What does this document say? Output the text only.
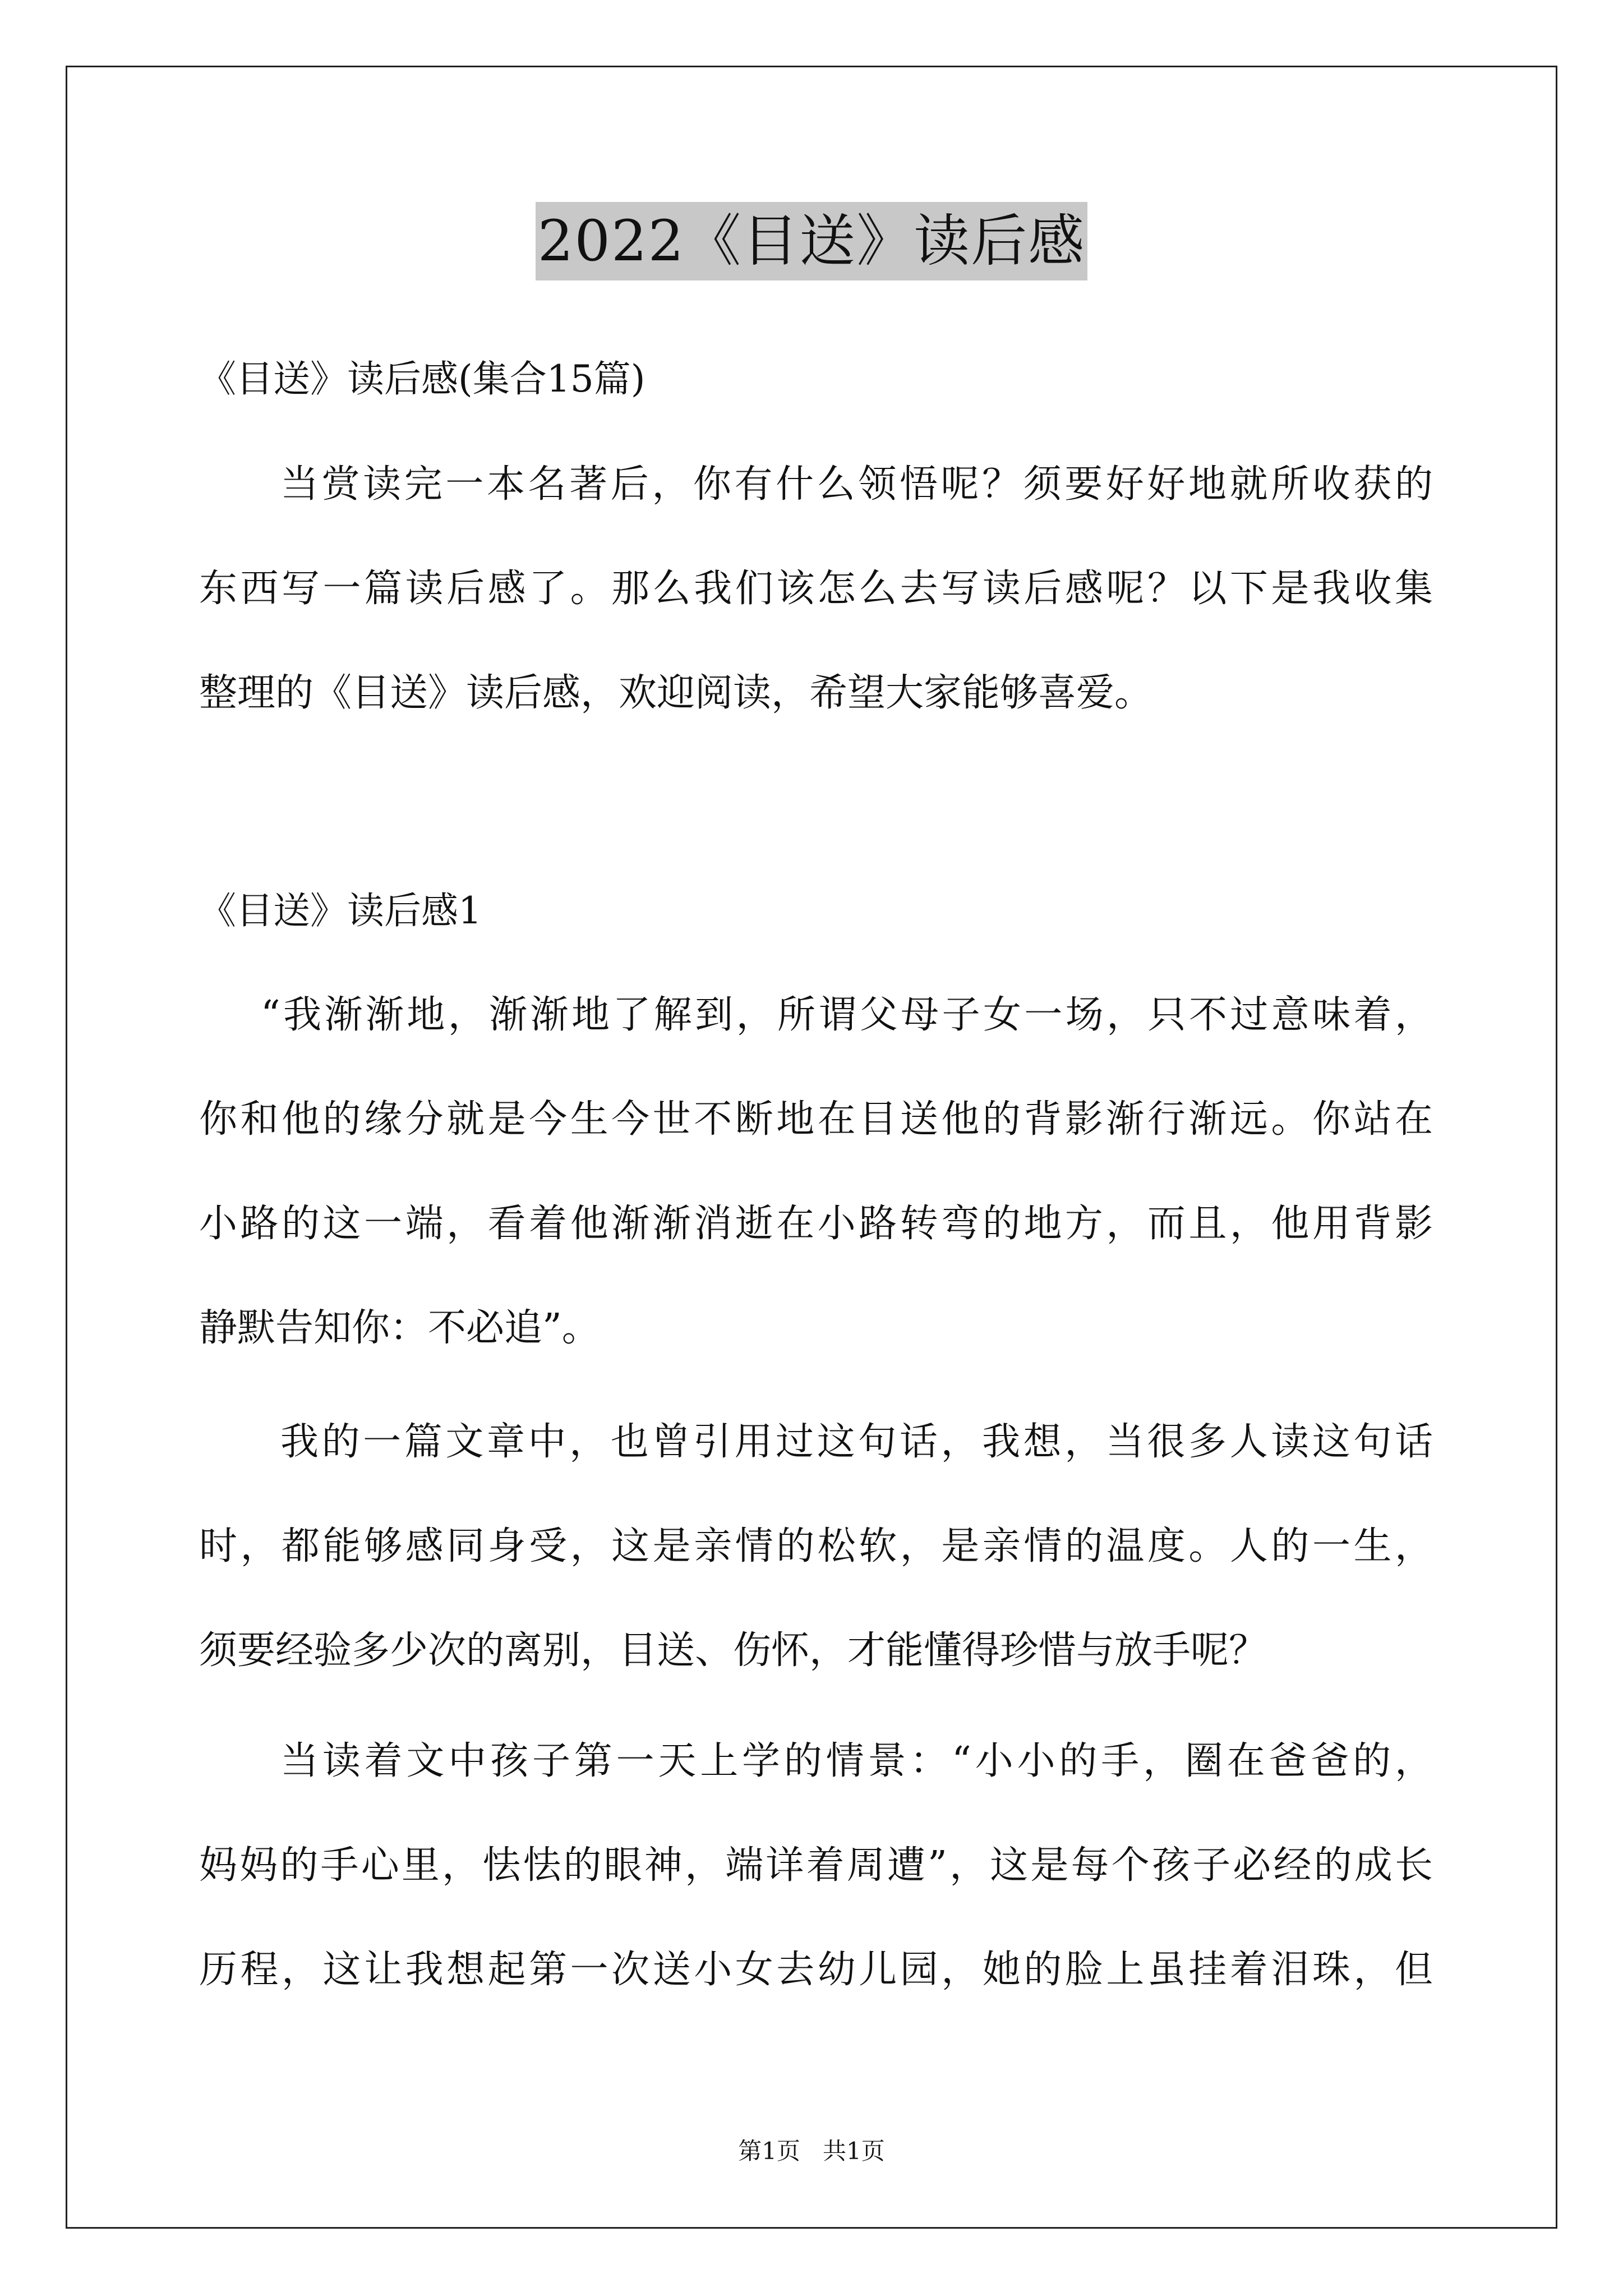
2022《目送》读后感
《目送》读后感(集合15篇)
当赏读完一本名著后，你有什么领悟呢？须要好好地就所收获的
东西写一篇读后感了。那么我们该怎么去写读后感呢？以下是我收集
整理的《目送》读后感，欢迎阅读，希望大家能够喜爱。
《目送》读后感1
“我渐渐地，渐渐地了解到，所谓父母子女一场，只不过意味着，
你和他的缘分就是今生今世不断地在目送他的背影渐行渐远。你站在
小路的这一端，看着他渐渐消逝在小路转弯的地方，而且，他用背影
静默告知你：不必追”。
我的一篇文章中，也曾引用过这句话，我想，当很多人读这句话
时，都能够感同身受，这是亲情的松软，是亲情的温度。人的一生，
须要经验多少次的离别，目送、伤怀，才能懂得珍惜与放手呢？
当读着文中孩子第一天上学的情景：“小小的手，圈在爸爸的，
妈妈的手心里，怯怯的眼神，端详着周遭”，这是每个孩子必经的成长
历程，这让我想起第一次送小女去幼儿园，她的脸上虽挂着泪珠，但
第1页   共1页
